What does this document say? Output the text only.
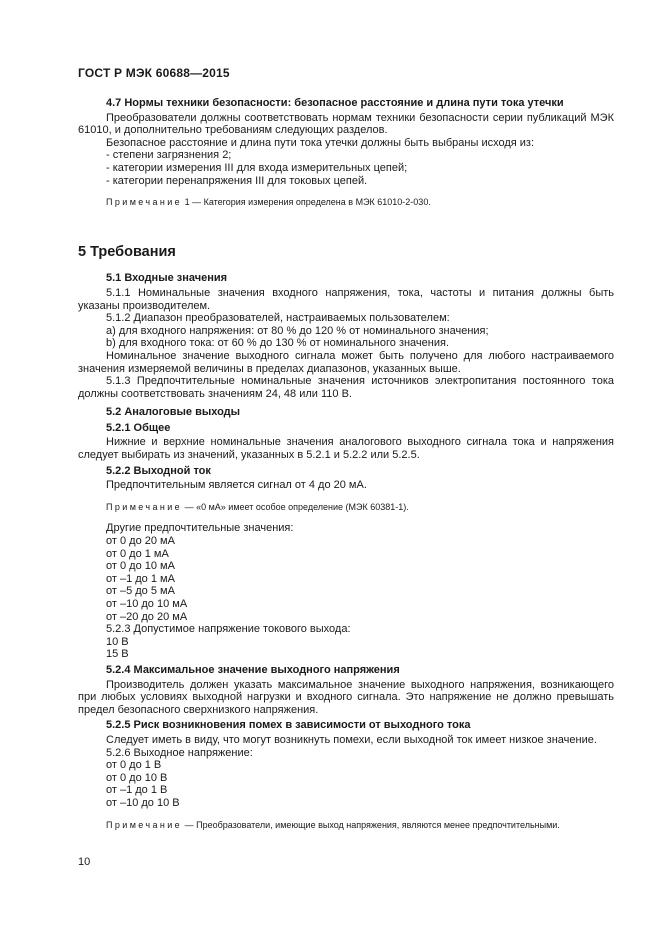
ГОСТ Р МЭК 60688—2015

4.7 Нормы техники безопасности: безопасное расстояние и длина пути тока утечки

Преобразователи должны соответствовать нормам техники безопасности серии публикаций МЭК 61010, и дополнительно требованиям следующих разделов.

Безопасное расстояние и длина пути тока утечки должны быть выбраны исходя из:

- степени загрязнения 2;

- категории измерения III для входа измерительных цепей;

- категории перенапряжения III для токовых цепей.

Примечание 1 — Категория измерения определена в МЭК 61010-2-030.

5 Требования

5.1 Входные значения

5.1.1 Номинальные значения входного напряжения, тока, частоты и питания должны быть указаны производителем.

5.1.2 Диапазон преобразователей, настраиваемых пользователем:

a) для входного напряжения: от 80 % до 120 % от номинального значения;

b) для входного тока: от 60 % до 130 % от номинального значения.

Номинальное значение выходного сигнала может быть получено для любого настраиваемого значения измеряемой величины в пределах диапазонов, указанных выше.

5.1.3 Предпочтительные номинальные значения источников электропитания постоянного тока должны соответствовать значениям 24, 48 или 110 В.

5.2 Аналоговые выходы

5.2.1 Общее

Нижние и верхние номинальные значения аналогового выходного сигнала тока и напряжения следует выбирать из значений, указанных в 5.2.1 и 5.2.2 или 5.2.5.

5.2.2 Выходной ток

Предпочтительным является сигнал от 4 до 20 мА.

Примечание — «0 мА» имеет особое определение (МЭК 60381-1).

Другие предпочтительные значения:

от 0 до 20 мА

от 0 до 1 мА

от 0 до 10 мА

от –1 до 1 мА

от –5 до 5 мА

от –10 до 10 мА

от –20 до 20 мА

5.2.3 Допустимое напряжение токового выхода:

10 В

15 В

5.2.4 Максимальное значение выходного напряжения

Производитель должен указать максимальное значение выходного напряжения, возникающего при любых условиях выходной нагрузки и входного сигнала. Это напряжение не должно превышать предел безопасного сверхнизкого напряжения.

5.2.5 Риск возникновения помех в зависимости от выходного тока

Следует иметь в виду, что могут возникнуть помехи, если выходной ток имеет низкое значение.

5.2.6 Выходное напряжение:

от 0 до 1 В

от 0 до 10 В

от –1 до 1 В

от –10 до 10 В

Примечание — Преобразователи, имеющие выход напряжения, являются менее предпочтительными.

10
